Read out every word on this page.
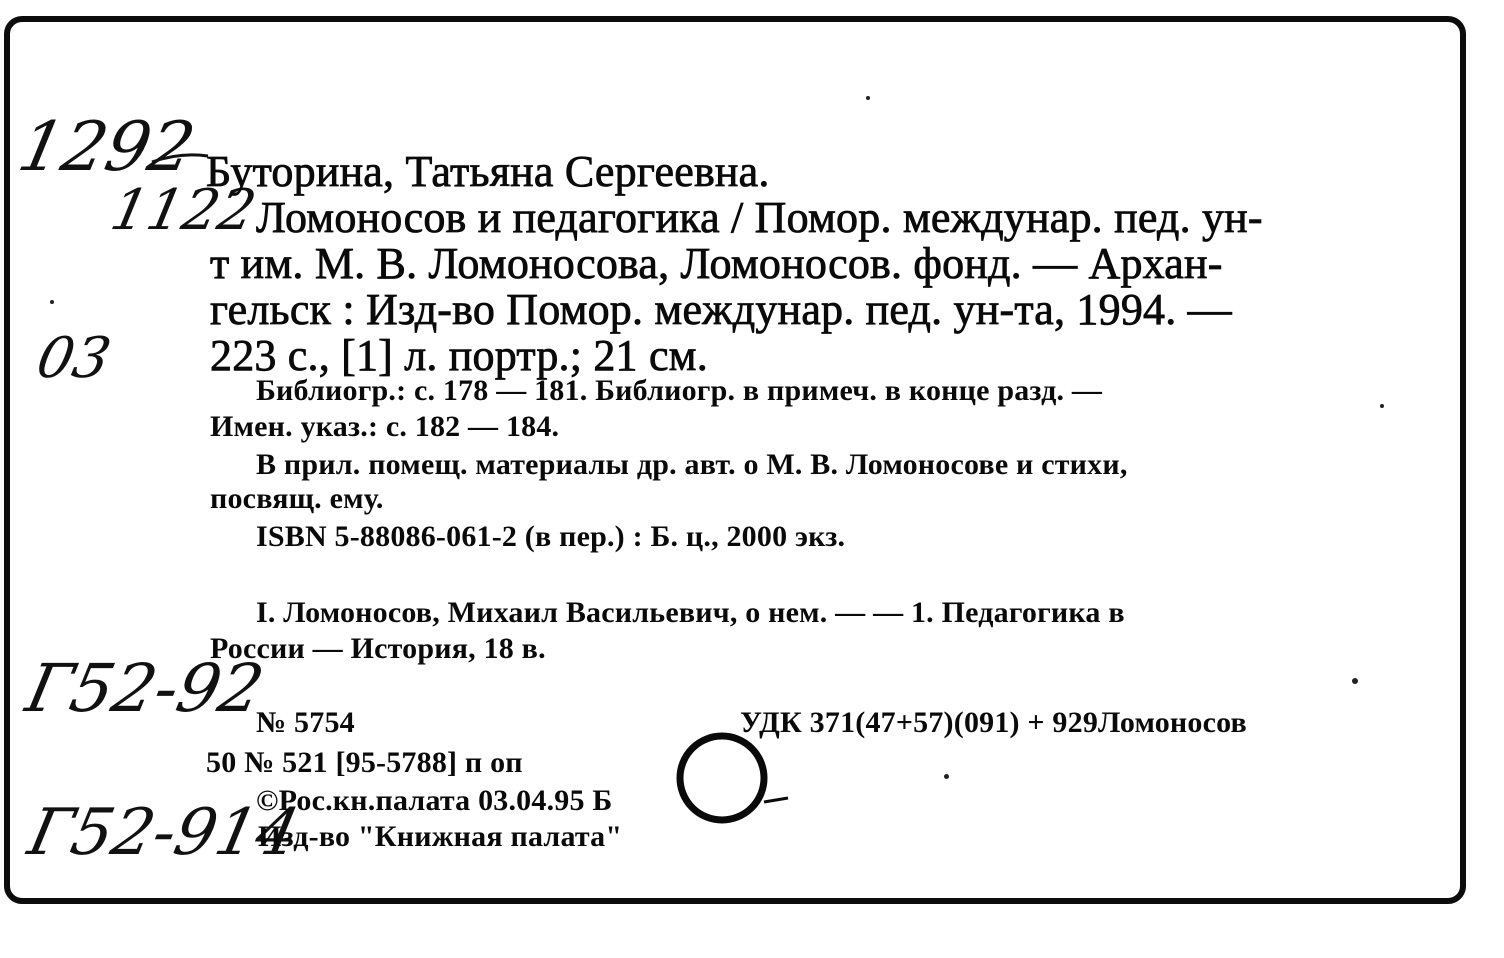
1292
1122
03
Г52-92
Г52-914
Буторина, Татьяна Сергеевна.
Ломоносов и педагогика / Помор. междунар. пед. ун-
т им. М. В. Ломоносова, Ломоносов. фонд. — Архан-
гельск : Изд-во Помор. междунар. пед. ун-та, 1994. —
223 с., [1] л. портр.; 21 см.
Библиогр.: с. 178 — 181. Библиогр. в примеч. в конце разд. —
Имен. указ.: с. 182 — 184.
В прил. помещ. материалы др. авт. о М. В. Ломоносове и стихи,
посвящ. ему.
ISBN 5-88086-061-2 (в пер.) : Б. ц., 2000 экз.
I. Ломоносов, Михаил Васильевич, о нем. — — 1. Педагогика в
России — История, 18 в.
№ 5754	УДК 371(47+57)(091) + 929Ломоносов
50 № 521 [95-5788] п оп
©Рос.кн.палата 03.04.95 Б
Изд-во "Книжная палата"
